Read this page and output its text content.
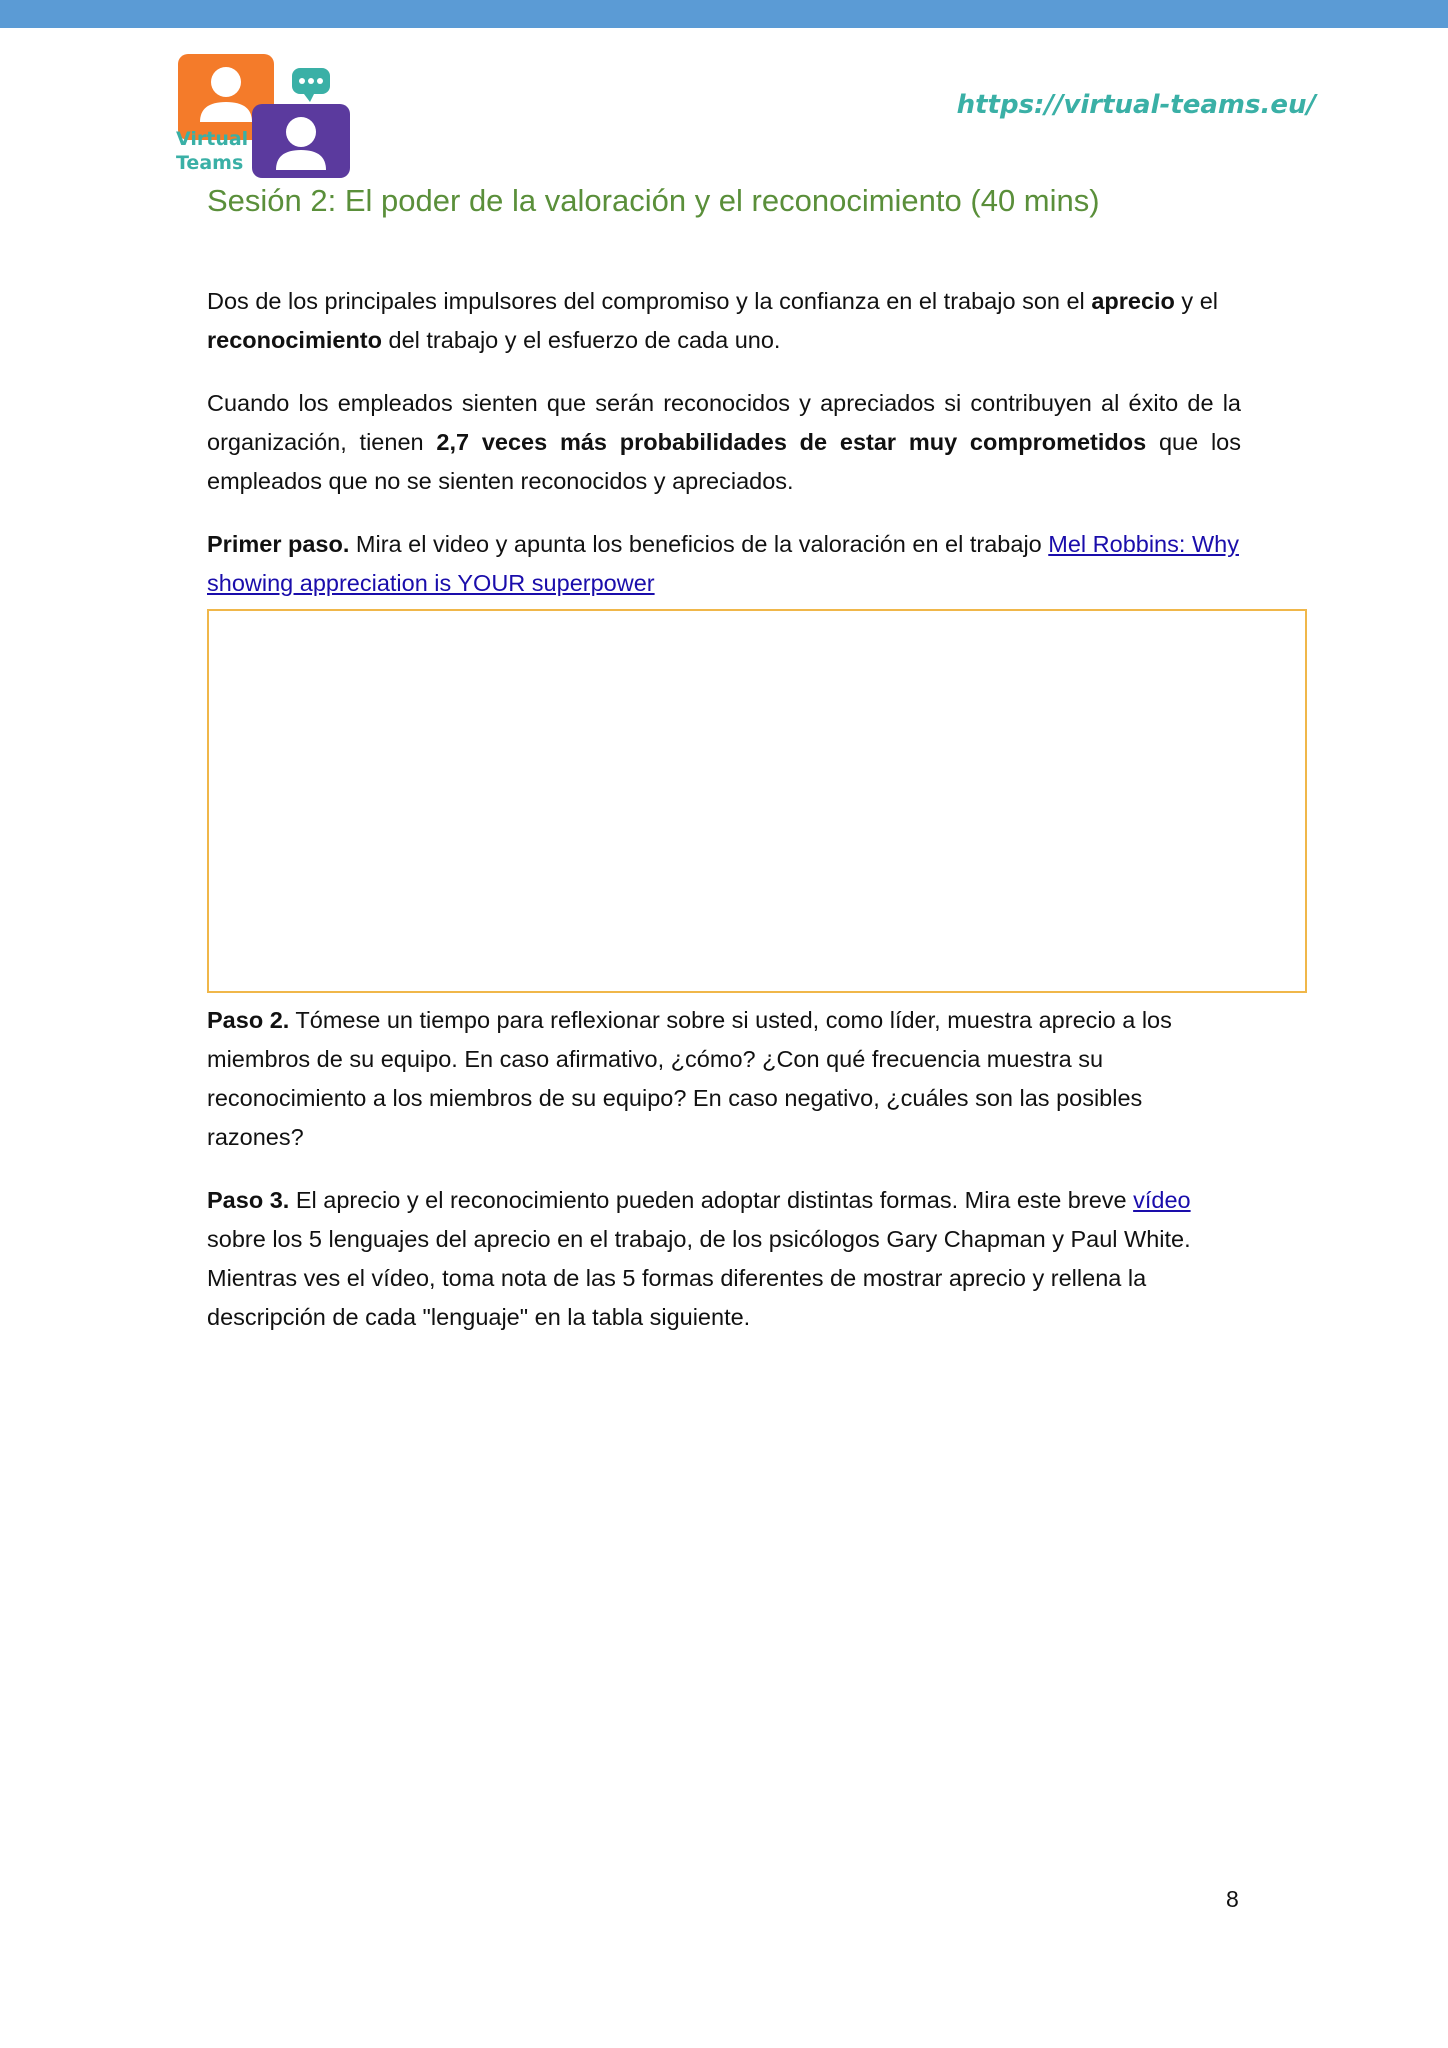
Virtual
Teams
https://virtual-teams.eu/
Sesión 2: El poder de la valoración y el reconocimiento (40 mins)

Dos de los principales impulsores del compromiso y la confianza en el trabajo son el aprecio y el reconocimiento del trabajo y el esfuerzo de cada uno.

Cuando los empleados sienten que serán reconocidos y apreciados si contribuyen al éxito de la organización, tienen 2,7 veces más probabilidades de estar muy comprometidos que los empleados que no se sienten reconocidos y apreciados.

Primer paso. Mira el video y apunta los beneficios de la valoración en el trabajo Mel Robbins: Why showing appreciation is YOUR superpower

Paso 2. Tómese un tiempo para reflexionar sobre si usted, como líder, muestra aprecio a los miembros de su equipo. En caso afirmativo, ¿cómo? ¿Con qué frecuencia muestra su reconocimiento a los miembros de su equipo? En caso negativo, ¿cuáles son las posibles razones?

Paso 3. El aprecio y el reconocimiento pueden adoptar distintas formas. Mira este breve vídeo sobre los 5 lenguajes del aprecio en el trabajo, de los psicólogos Gary Chapman y Paul White. Mientras ves el vídeo, toma nota de las 5 formas diferentes de mostrar aprecio y rellena la descripción de cada "lenguaje" en la tabla siguiente.

8
